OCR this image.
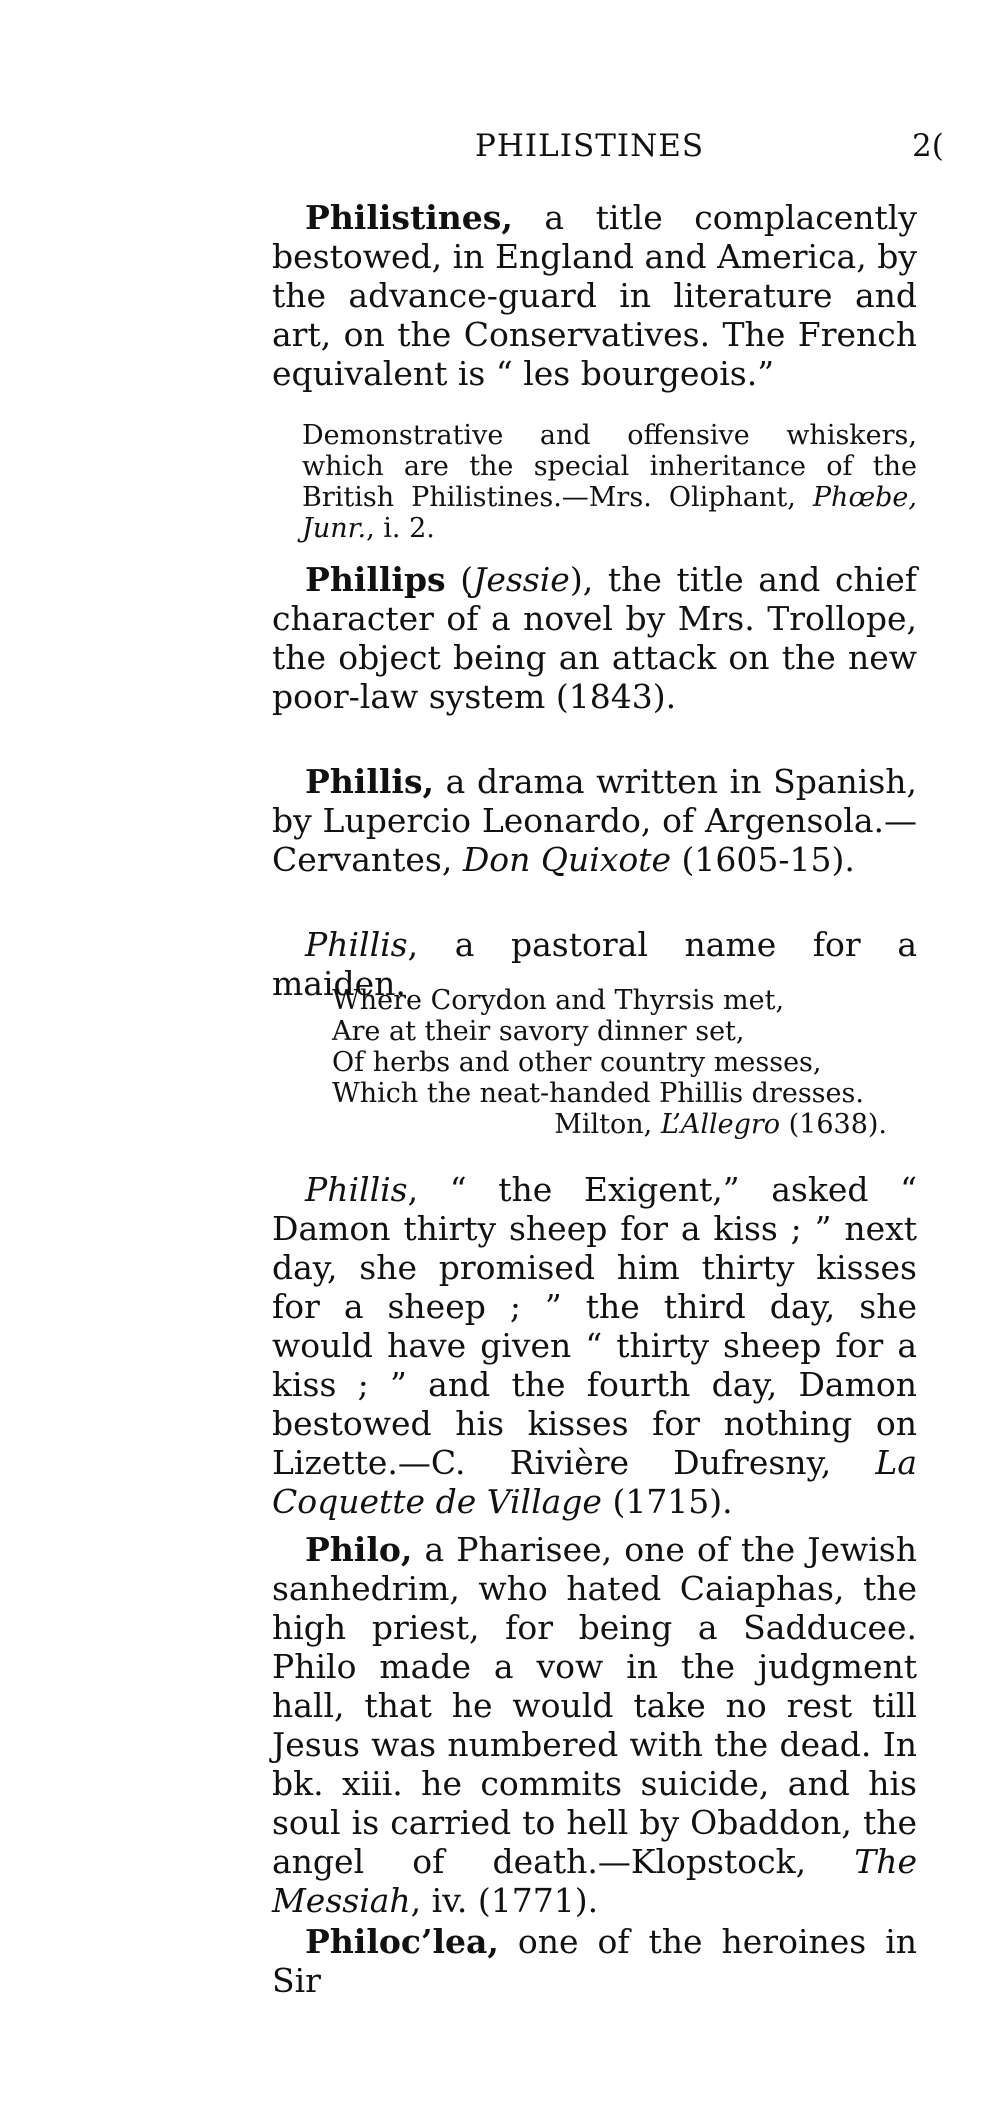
PHILISTINES	2(

Philistines, a title complacently bestowed, in England and America, by the advance-guard in literature and art, on the Conservatives. The French equivalent is “ les bourgeois.”

Demonstrative and offensive whiskers, which are the special inheritance of the British Philistines.—Mrs. Oliphant, Phœbe, Junr., i. 2.

Phillips (Jessie), the title and chief character of a novel by Mrs. Trollope, the object being an attack on the new poor-law system (1843).

Phillis, a drama written in Spanish, by Lupercio Leonardo, of Argensola.—Cervantes, Don Quixote (1605-15).

Phillis, a pastoral name for a maiden.

Where Corydon and Thyrsis met,
Are at their savory dinner set,
Of herbs and other country messes,
Which the neat-handed Phillis dresses.
Milton, L’Allegro (1638).

Phillis, “ the Exigent,” asked “ Damon thirty sheep for a kiss ; ” next day, she promised him thirty kisses for a sheep ; ” the third day, she would have given “ thirty sheep for a kiss ; ” and the fourth day, Damon bestowed his kisses for nothing on Lizette.—C. Rivière Dufresny, La Coquette de Village (1715).

Philo, a Pharisee, one of the Jewish sanhedrim, who hated Caiaphas, the high priest, for being a Sadducee. Philo made a vow in the judgment hall, that he would take no rest till Jesus was numbered with the dead. In bk. xiii. he commits suicide, and his soul is carried to hell by Obaddon, the angel of death.—Klopstock, The Messiah, iv. (1771).

Philoc’lea, one of the heroines in Sir
